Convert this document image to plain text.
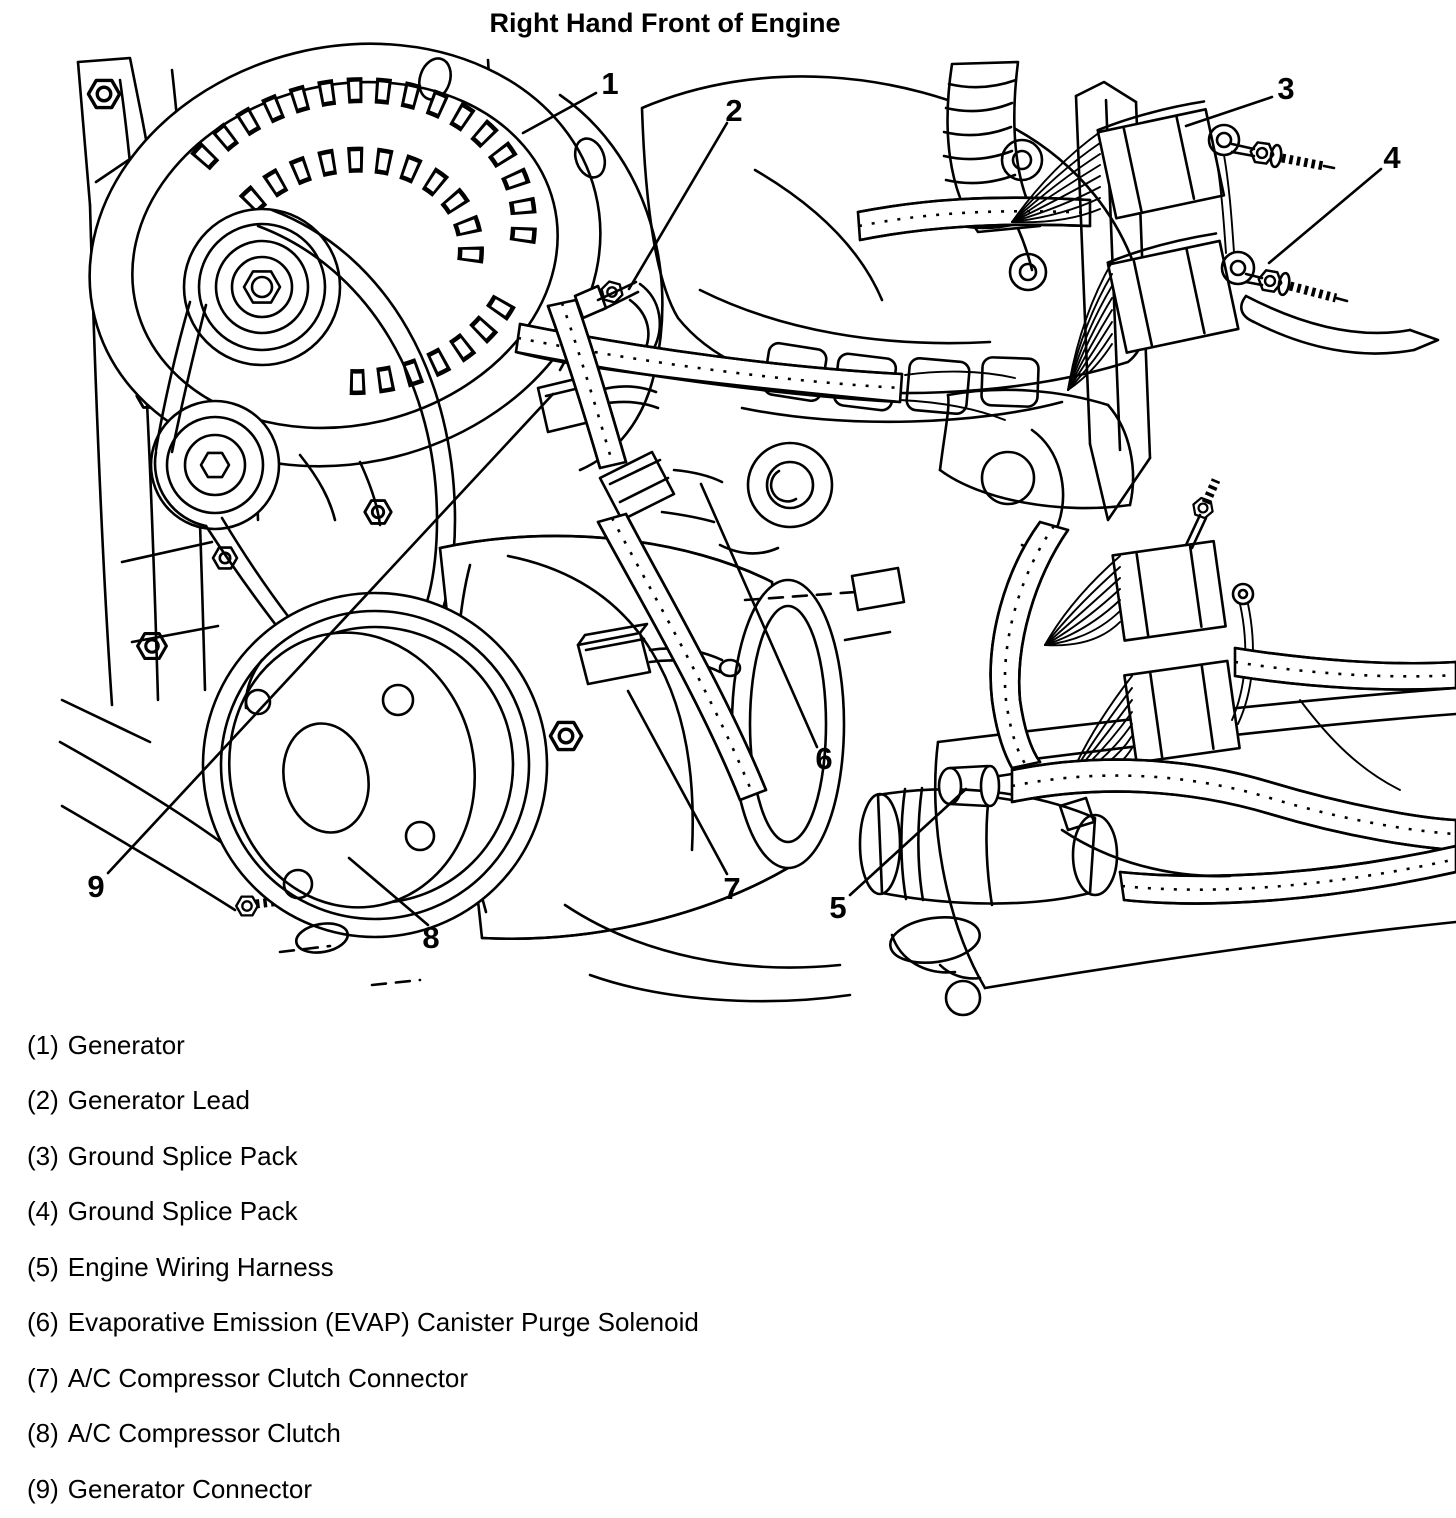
Right Hand Front of Engine
1
2
3
4
5
6
7
8
9
(1) Generator
(2) Generator Lead
(3) Ground Splice Pack
(4) Ground Splice Pack
(5) Engine Wiring Harness
(6) Evaporative Emission (EVAP) Canister Purge Solenoid
(7) A/C Compressor Clutch Connector
(8) A/C Compressor Clutch
(9) Generator Connector
